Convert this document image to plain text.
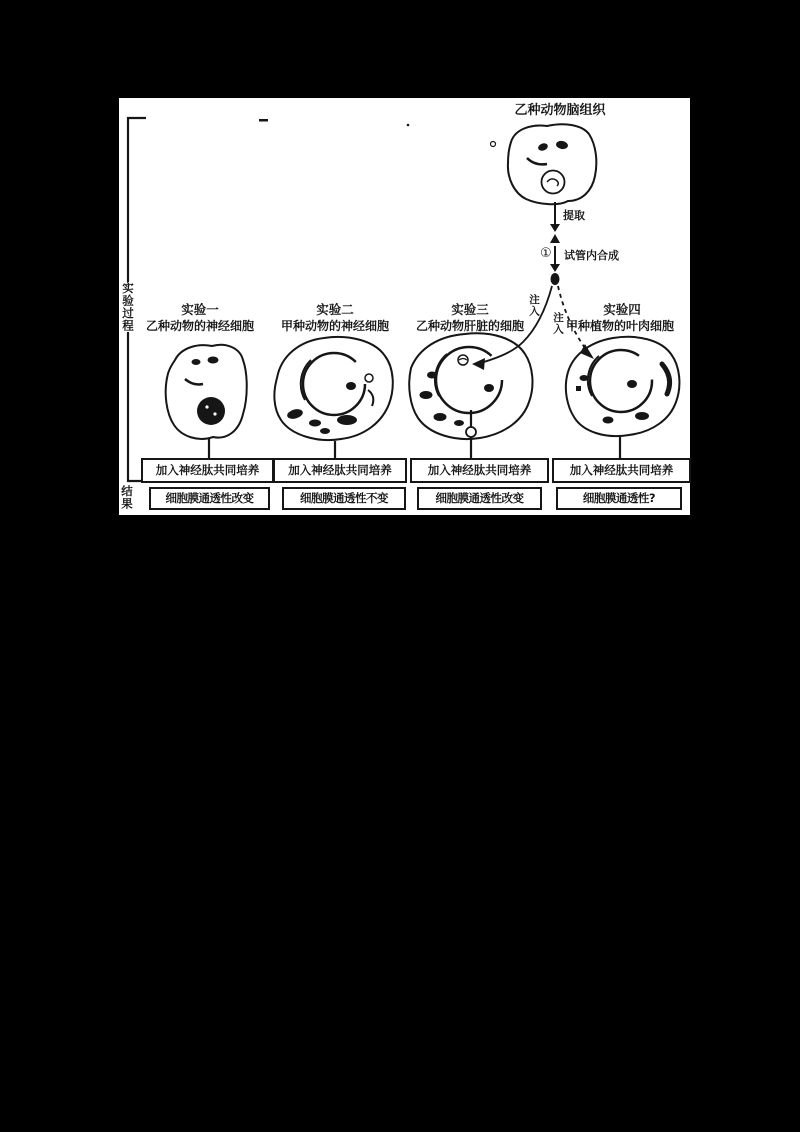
乙种动物脑组织
提取
① 试管内合成
注入
注入
实验过程
结果
实验一
乙种动物的神经细胞
加入神经肽共同培养
细胞膜通透性改变
实验二
甲种动物的神经细胞
加入神经肽共同培养
细胞膜通透性不变
实验三
乙种动物肝脏的细胞
加入神经肽共同培养
细胞膜通透性改变
实验四
甲种植物的叶肉细胞
加入神经肽共同培养
细胞膜通透性?
